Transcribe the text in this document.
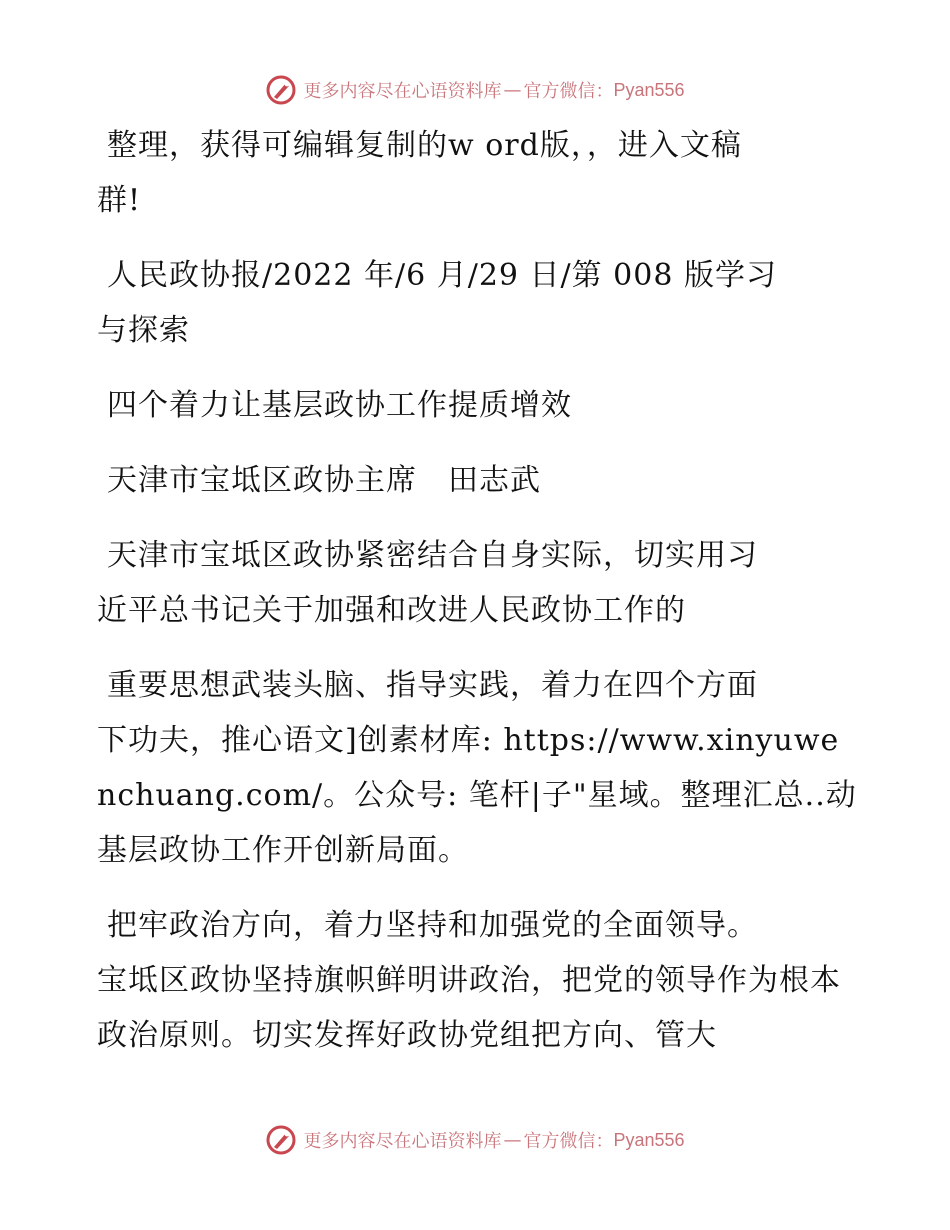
更多内容尽在心语资料库 — 官方微信： Pyan556

整理，获得可编辑复制的w ord版，，进入文稿
群!

人民政协报/2022 年/6 月/29 日/第 008 版学习
与探索

四个着力让基层政协工作提质增效

天津市宝坻区政协主席　田志武

天津市宝坻区政协紧密结合自身实际，切实用习
近平总书记关于加强和改进人民政协工作的

重要思想武装头脑、指导实践，着力在四个方面
下功夫，推心语文]创素材库: https://www.xinyuwenchuang.com/。公众号: 笔杆|子"星域。整理汇总..动基层政协工作开创新局面。

把牢政治方向，着力坚持和加强党的全面领导。
宝坻区政协坚持旗帜鲜明讲政治，把党的领导作为根本政治原则。切实发挥好政协党组把方向、管大

更多内容尽在心语资料库 — 官方微信： Pyan556
